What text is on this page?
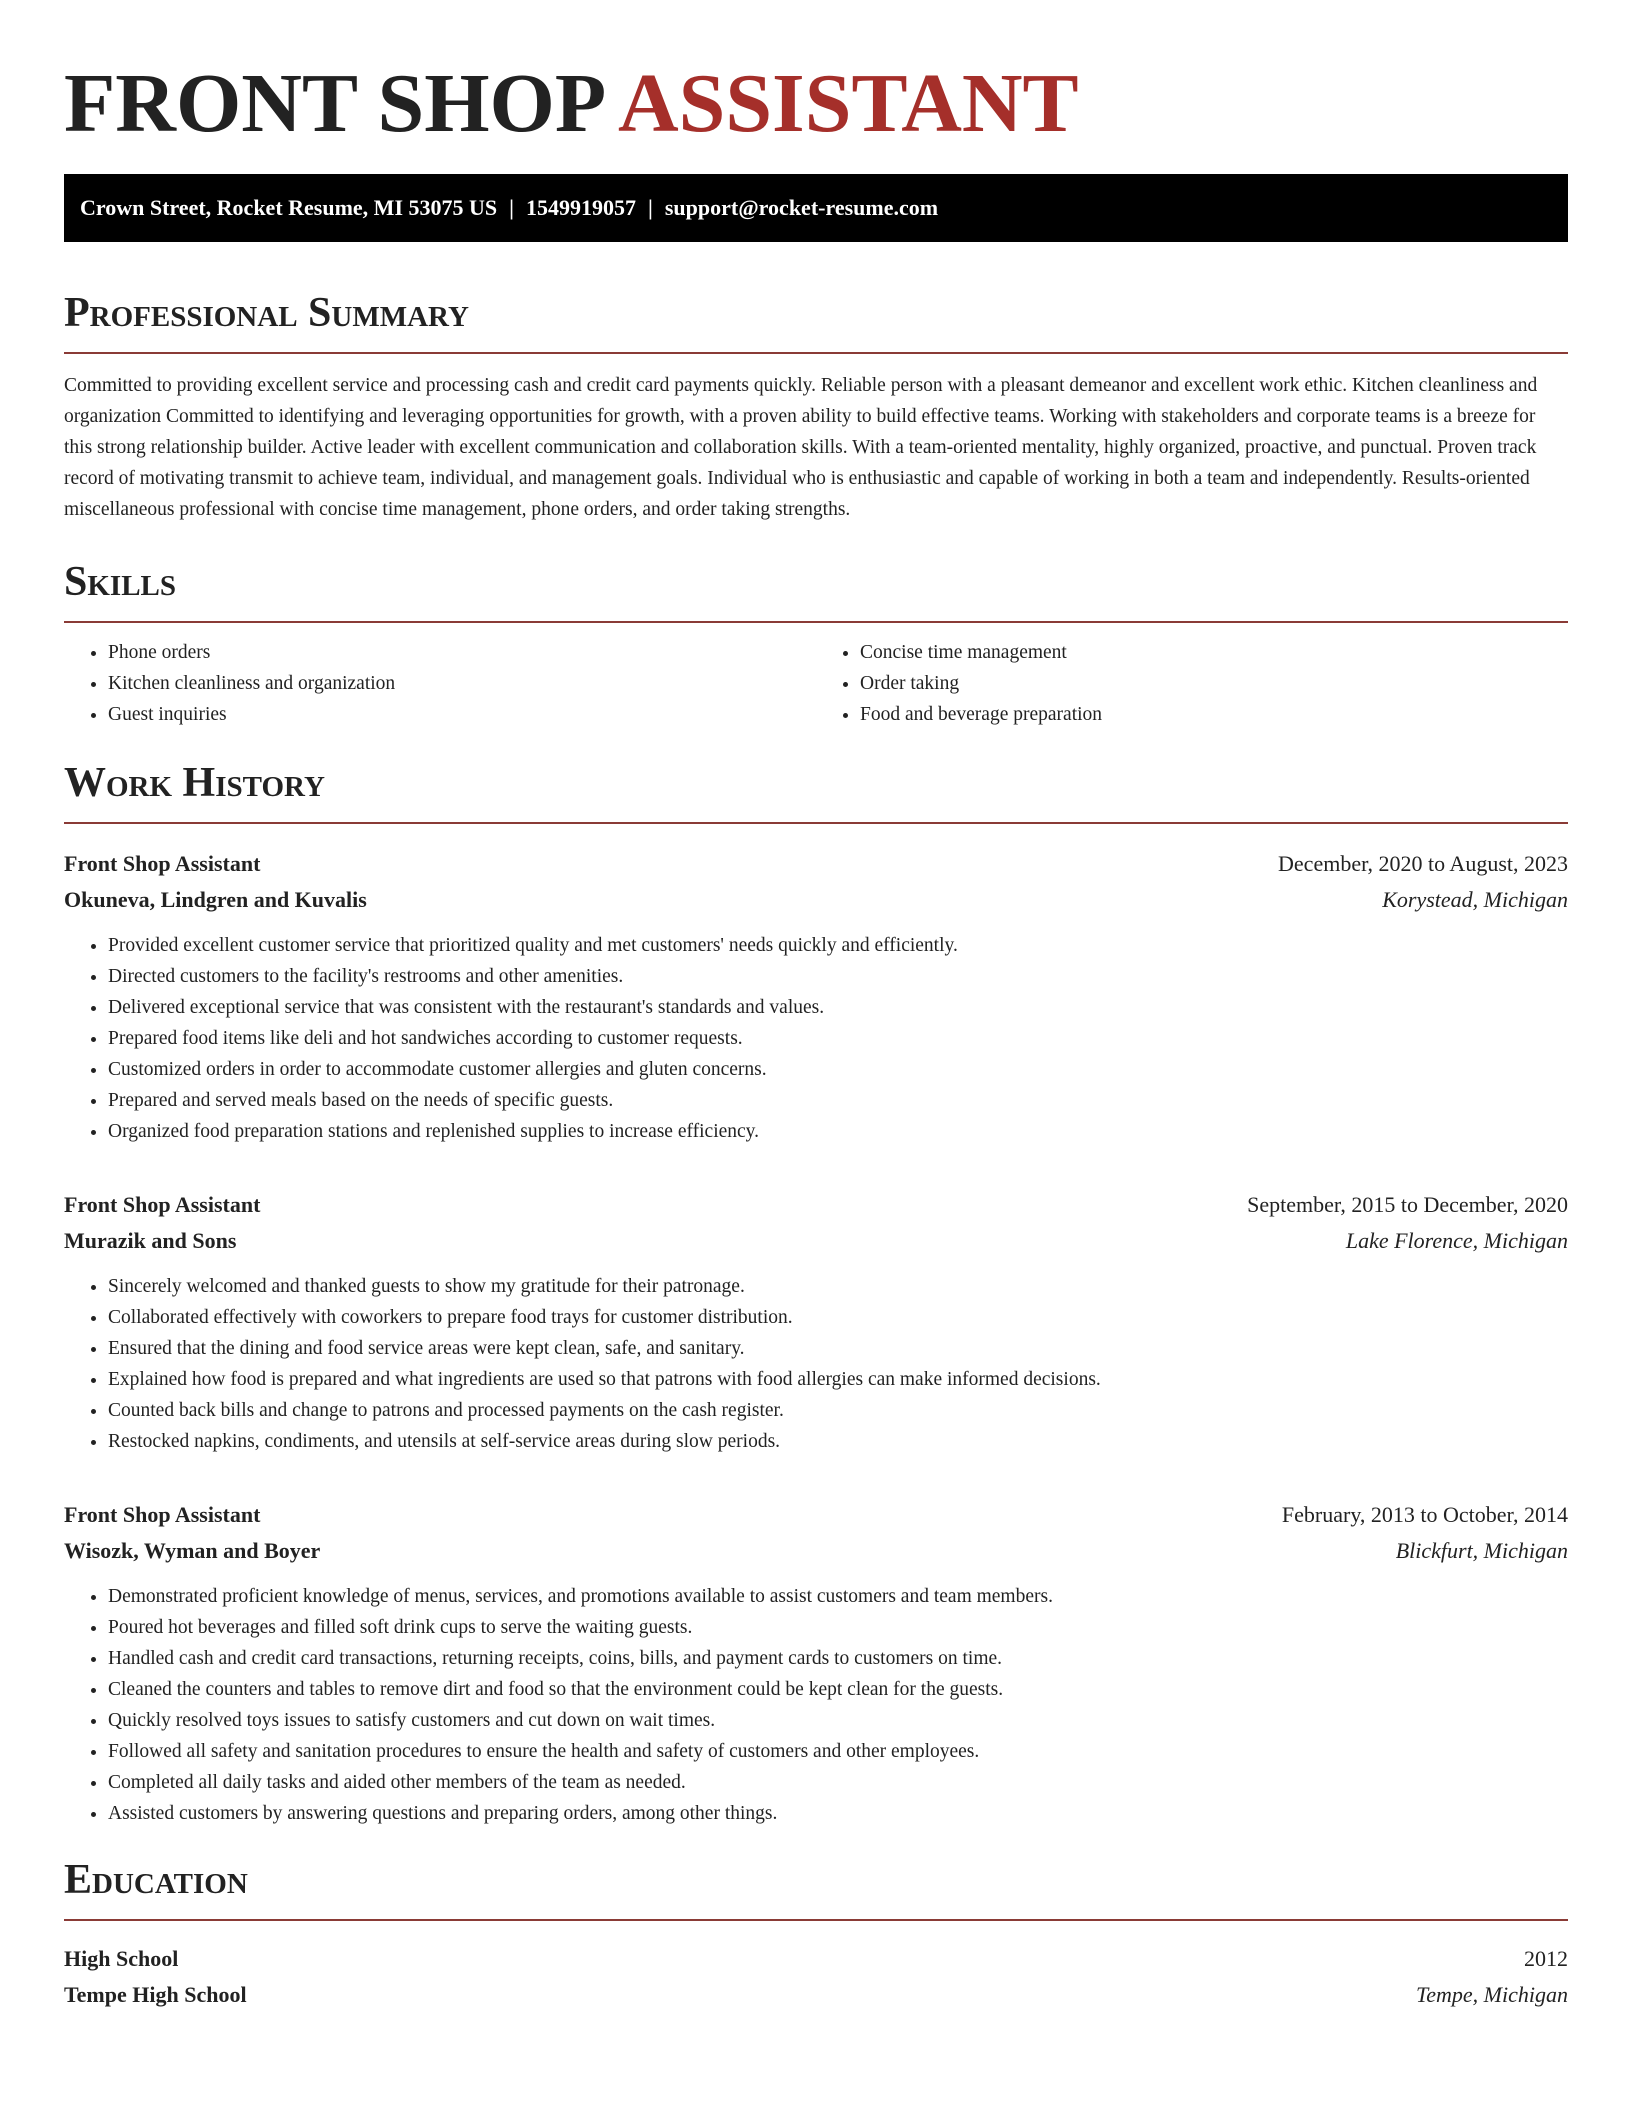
FRONT SHOP ASSISTANT
Crown Street, Rocket Resume, MI 53075 US | 1549919057 | support@rocket-resume.com
Professional Summary
Committed to providing excellent service and processing cash and credit card payments quickly. Reliable person with a pleasant demeanor and excellent work ethic. Kitchen cleanliness and organization Committed to identifying and leveraging opportunities for growth, with a proven ability to build effective teams. Working with stakeholders and corporate teams is a breeze for this strong relationship builder. Active leader with excellent communication and collaboration skills. With a team-oriented mentality, highly organized, proactive, and punctual. Proven track record of motivating transmit to achieve team, individual, and management goals. Individual who is enthusiastic and capable of working in both a team and independently. Results-oriented miscellaneous professional with concise time management, phone orders, and order taking strengths.
Skills
• Phone orders
• Kitchen cleanliness and organization
• Guest inquiries
• Concise time management
• Order taking
• Food and beverage preparation
Work History
Front Shop Assistant	December, 2020 to August, 2023
Okuneva, Lindgren and Kuvalis	Korystead, Michigan
• Provided excellent customer service that prioritized quality and met customers' needs quickly and efficiently.
• Directed customers to the facility's restrooms and other amenities.
• Delivered exceptional service that was consistent with the restaurant's standards and values.
• Prepared food items like deli and hot sandwiches according to customer requests.
• Customized orders in order to accommodate customer allergies and gluten concerns.
• Prepared and served meals based on the needs of specific guests.
• Organized food preparation stations and replenished supplies to increase efficiency.
Front Shop Assistant	September, 2015 to December, 2020
Murazik and Sons	Lake Florence, Michigan
• Sincerely welcomed and thanked guests to show my gratitude for their patronage.
• Collaborated effectively with coworkers to prepare food trays for customer distribution.
• Ensured that the dining and food service areas were kept clean, safe, and sanitary.
• Explained how food is prepared and what ingredients are used so that patrons with food allergies can make informed decisions.
• Counted back bills and change to patrons and processed payments on the cash register.
• Restocked napkins, condiments, and utensils at self-service areas during slow periods.
Front Shop Assistant	February, 2013 to October, 2014
Wisozk, Wyman and Boyer	Blickfurt, Michigan
• Demonstrated proficient knowledge of menus, services, and promotions available to assist customers and team members.
• Poured hot beverages and filled soft drink cups to serve the waiting guests.
• Handled cash and credit card transactions, returning receipts, coins, bills, and payment cards to customers on time.
• Cleaned the counters and tables to remove dirt and food so that the environment could be kept clean for the guests.
• Quickly resolved toys issues to satisfy customers and cut down on wait times.
• Followed all safety and sanitation procedures to ensure the health and safety of customers and other employees.
• Completed all daily tasks and aided other members of the team as needed.
• Assisted customers by answering questions and preparing orders, among other things.
Education
High School	2012
Tempe High School	Tempe, Michigan
